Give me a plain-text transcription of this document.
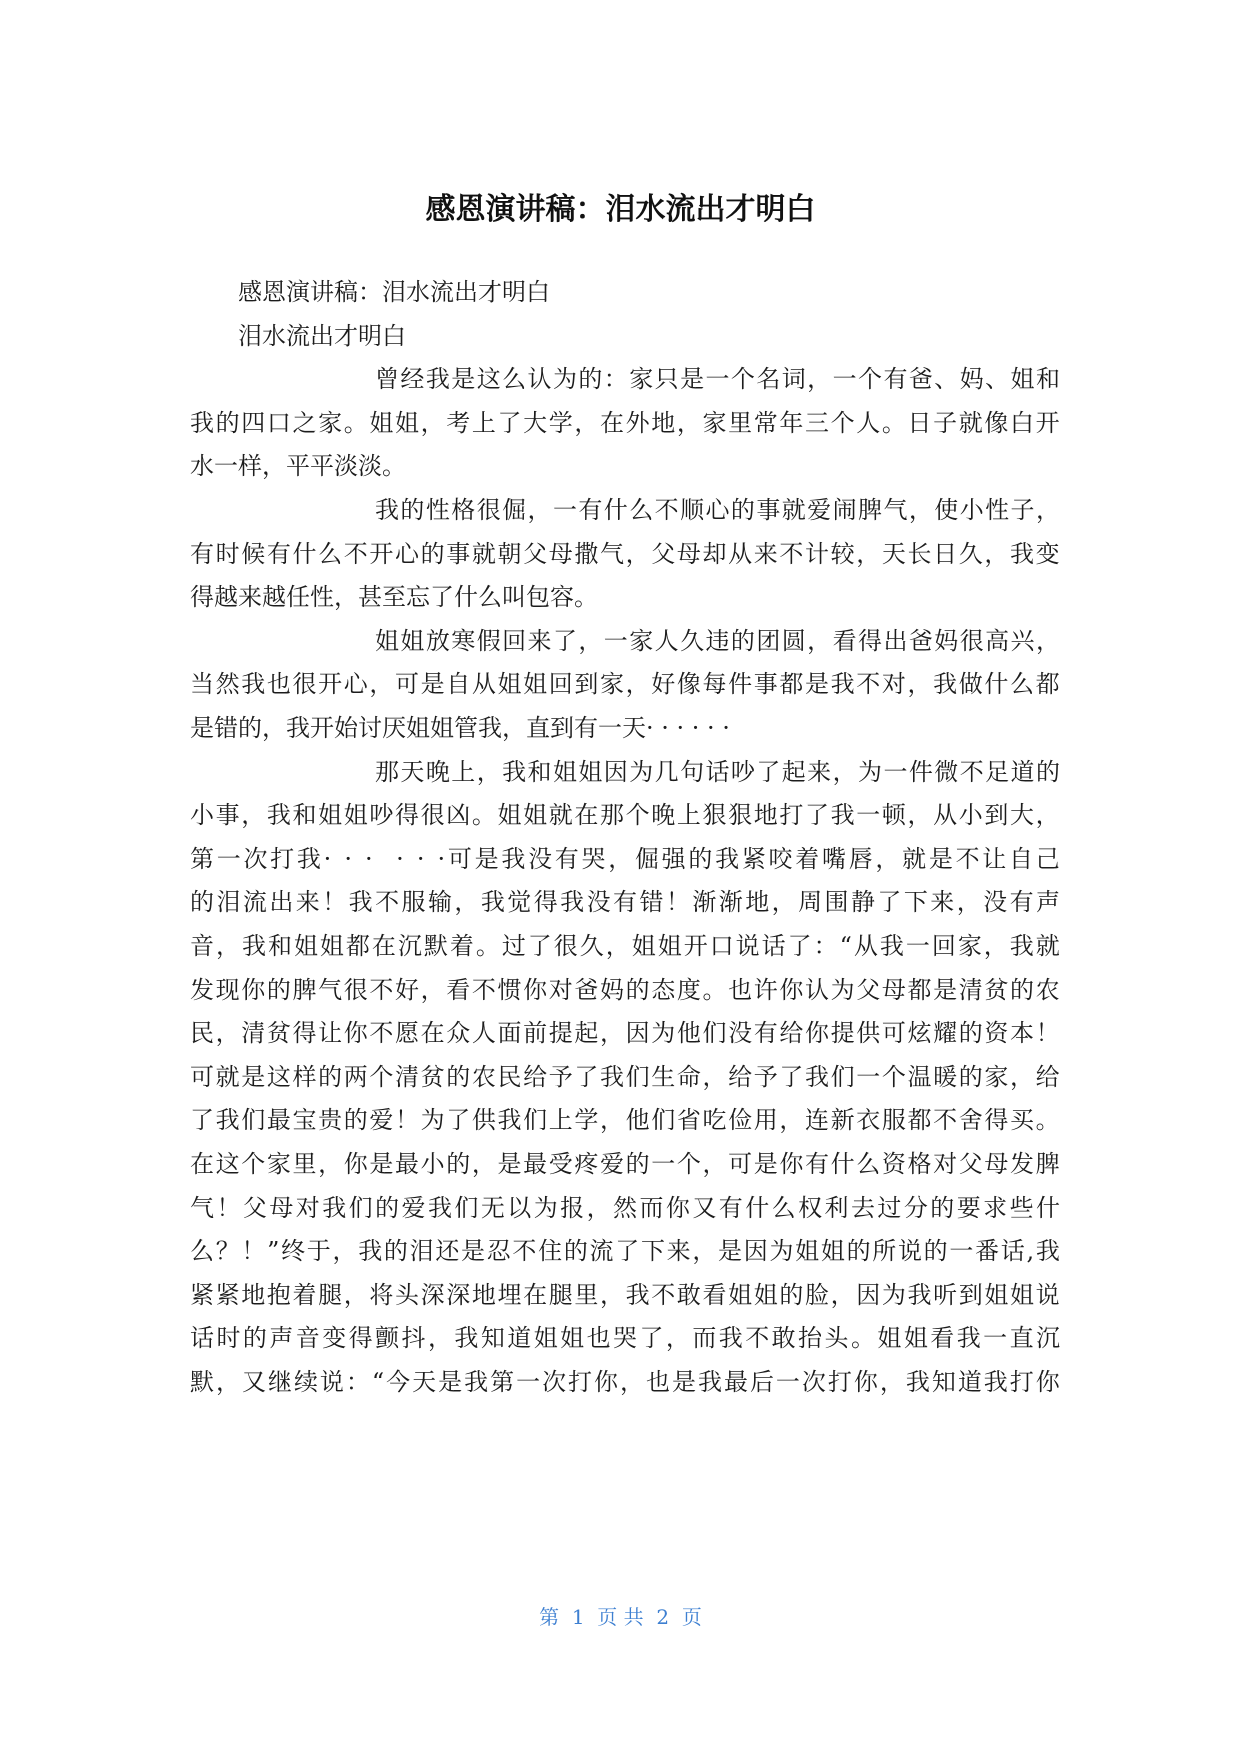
感恩演讲稿：泪水流出才明白
感恩演讲稿：泪水流出才明白
泪水流出才明白
曾 经 我 是 这 么 认 为 的 ： 家 只 是 一 个 名 词 ， 一 个 有 爸 、 妈 、 姐 和
我 的 四 口 之 家 。 姐 姐 ， 考 上 了 大 学 ， 在 外 地 ， 家 里 常 年 三 个 人 。 日 子 就 像 白 开
水一样，平平淡淡。
我 的 性 格 很 倔 ， 一 有 什 么 不 顺 心 的 事 就 爱 闹 脾 气 ， 使 小 性 子 ，
有 时 候 有 什 么 不 开 心 的 事 就 朝 父 母 撒 气 ， 父 母 却 从 来 不 计 较 ， 天 长 日 久 ， 我 变
得越来越任性，甚至忘了什么叫包容。
姐 姐 放 寒 假 回 来 了 ， 一 家 人 久 违 的 团 圆 ， 看 得 出 爸 妈 很 高 兴 ，
当 然 我 也 很 开 心 ， 可 是 自 从 姐 姐 回 到 家 ， 好 像 每 件 事 都 是 我 不 对 ， 我 做 什 么 都
是错的，我开始讨厌姐姐管我，直到有一天· · · · · ·
那 天 晚 上 ， 我 和 姐 姐 因 为 几 句 话 吵 了 起 来 ， 为 一 件 微 不 足 道 的
小 事 ， 我 和 姐 姐 吵 得 很 凶 。 姐 姐 就 在 那 个 晚 上 狠 狠 地 打 了 我 一 顿 ， 从 小 到 大 ，
第 一 次 打 我 ·
·
·

·
·
· 可 是 我 没 有 哭 ， 倔 强 的 我 紧 咬 着 嘴 唇 ， 就 是 不 让 自 己
的 泪 流 出 来 ！ 我 不 服 输 ， 我 觉 得 我 没 有 错 ！ 渐 渐 地 ， 周 围 静 了 下 来 ， 没 有 声
音 ， 我 和 姐 姐 都 在 沉 默 着 。 过 了 很 久 ， 姐 姐 开 口 说 话 了 ： “ 从 我 一 回 家 ， 我 就
发 现 你 的 脾 气 很 不 好 ， 看 不 惯 你 对 爸 妈 的 态 度 。 也 许 你 认 为 父 母 都 是 清 贫 的 农
民 ， 清 贫 得 让 你 不 愿 在 众 人 面 前 提 起 ， 因 为 他 们 没 有 给 你 提 供 可 炫 耀 的 资 本 ！
可 就 是 这 样 的 两 个 清 贫 的 农 民 给 予 了 我 们 生 命 ， 给 予 了 我 们 一 个 温 暖 的 家 ， 给
了 我 们 最 宝 贵 的 爱 ！ 为 了 供 我 们 上 学 ， 他 们 省 吃 俭 用 ， 连 新 衣 服 都 不 舍 得 买 。
在 这 个 家 里 ， 你 是 最 小 的 ， 是 最 受 疼 爱 的 一 个 ， 可 是 你 有 什 么 资 格 对 父 母 发 脾
气 ！ 父 母 对 我 们 的 爱 我 们 无 以 为 报 ， 然 而 你 又 有 什 么 权 利 去 过 分 的 要 求 些 什
么 ？ ！ ” 终 于 ， 我 的 泪 还 是 忍 不 住 的 流 了 下 来 ， 是 因 为 姐 姐 的 所 说 的 一 番 话 , 我
紧 紧 地 抱 着 腿 ， 将 头 深 深 地 埋 在 腿 里 ， 我 不 敢 看 姐 姐 的 脸 ， 因 为 我 听 到 姐 姐 说
话 时 的 声 音 变 得 颤 抖 ， 我 知 道 姐 姐 也 哭 了 ， 而 我 不 敢 抬 头 。 姐 姐 看 我 一 直 沉
默 ， 又 继 续 说 ： “ 今 天 是 我 第 一 次 打 你 ， 也 是 我 最 后 一 次 打 你 ， 我 知 道 我 打 你
第  1  页 共  2  页
